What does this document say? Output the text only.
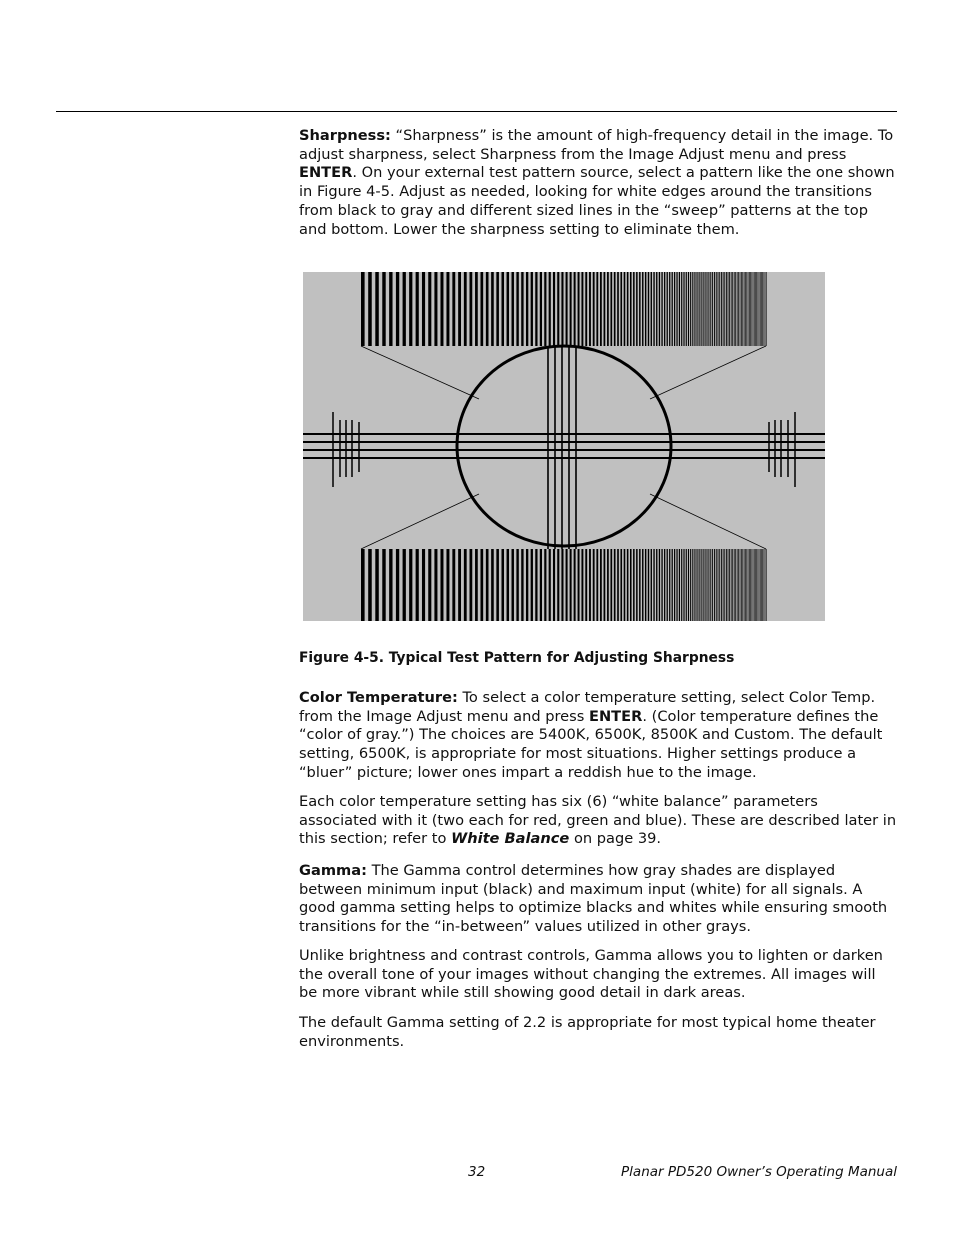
Sharpness: “Sharpness” is the amount of high-frequency detail in the image. To adjust sharpness, select Sharpness from the Image Adjust menu and press ENTER. On your external test pattern source, select a pattern like the one shown in Figure 4-5. Adjust as needed, looking for white edges around the transitions from black to gray and different sized lines in the “sweep” patterns at the top and bottom. Lower the sharpness setting to eliminate them.

Figure 4-5. Typical Test Pattern for Adjusting Sharpness

Color Temperature: To select a color temperature setting, select Color Temp. from the Image Adjust menu and press ENTER. (Color temperature defines the “color of gray.”) The choices are 5400K, 6500K, 8500K and Custom. The default setting, 6500K, is appropriate for most situations. Higher settings produce a “bluer” picture; lower ones impart a reddish hue to the image.

Each color temperature setting has six (6) “white balance” parameters associated with it (two each for red, green and blue). These are described later in this section; refer to White Balance on page 39.

Gamma: The Gamma control determines how gray shades are displayed between minimum input (black) and maximum input (white) for all signals. A good gamma setting helps to optimize blacks and whites while ensuring smooth transitions for the “in-between” values utilized in other grays.

Unlike brightness and contrast controls, Gamma allows you to lighten or darken the overall tone of your images without changing the extremes. All images will be more vibrant while still showing good detail in dark areas.

The default Gamma setting of 2.2 is appropriate for most typical home theater environments.

32	Planar PD520 Owner’s Operating Manual
